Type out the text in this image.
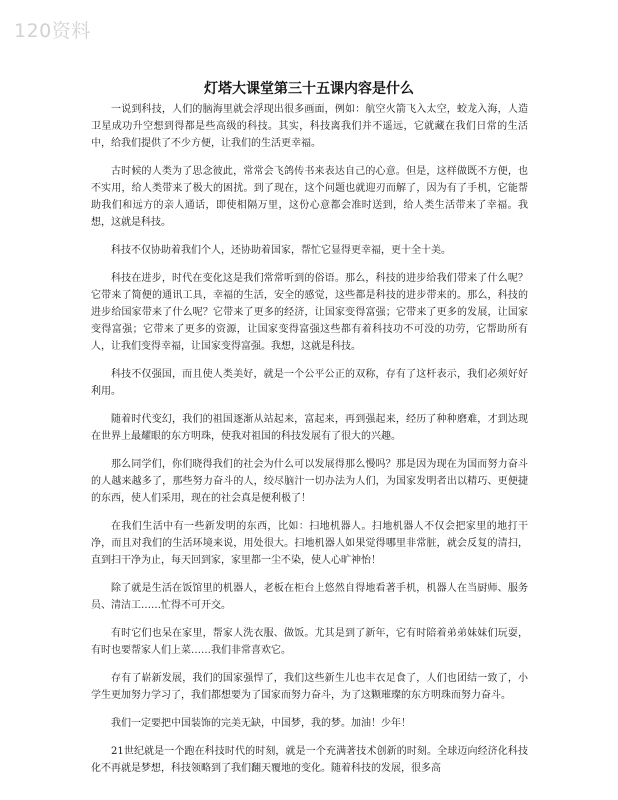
120资料
灯塔大课堂第三十五课内容是什么

一说到科技，人们的脑海里就会浮现出很多画面，例如：航空火箭飞入太空，蛟龙入海，人造卫星成功升空想到得都是些高级的科技。其实，科技离我们并不遥远，它就藏在我们日常的生活中，给我们提供了不少方便，让我们的生活更幸福。

古时候的人类为了思念彼此，常常会飞鸽传书来表达自己的心意。但是，这样做既不方便，也不实用，给人类带来了极大的困扰。到了现在，这个问题也就迎刃而解了，因为有了手机，它能帮助我们和远方的亲人通话，即使相隔万里，这份心意都会准时送到，给人类生活带来了幸福。我想，这就是科技。

科技不仅协助着我们个人，还协助着国家，帮忙它显得更幸福，更十全十美。

科技在进步，时代在变化这是我们常常听到的俗语。那么，科技的进步给我们带来了什么呢？它带来了简便的通讯工具，幸福的生活，安全的感觉，这些都是科技的进步带来的。那么，科技的进步给国家带来了什么呢？它带来了更多的经济，让国家变得富强；它带来了更多的发展，让国家变得富强；它带来了更多的资源，让国家变得富强这些都有着科技功不可没的功劳，它帮助所有人，让我们变得幸福，让国家变得富强。我想，这就是科技。

科技不仅强国，而且使人类美好，就是一个公平公正的双称，存有了这杆表示，我们必须好好利用。

随着时代变幻，我们的祖国逐渐从站起来，富起来，再到强起来，经历了种种磨难，才到达现在世界上最耀眼的东方明珠，使我对祖国的科技发展有了很大的兴趣。

那么同学们，你们晓得我们的社会为什么可以发展得那么慢吗？那是因为现在为国而努力奋斗的人越来越多了，那些努力奋斗的人，绞尽脑汁一切办法为人们，为国家发明者出以精巧、更便捷的东西，使人们采用，现在的社会真是便利极了！

在我们生活中有一些新发明的东西，比如：扫地机器人。扫地机器人不仅会把家里的地打干净，而且对我们的生活环境来说，用处很大。扫地机器人如果觉得哪里非常脏，就会反复的清扫，直到扫干净为止，每天回到家，家里都一尘不染，使人心旷神怡！

除了就是生活在饭馆里的机器人，老板在柜台上悠然自得地看著手机，机器人在当厨师、服务员、清洁工……忙得不可开交。

有时它们也呆在家里，帮家人洗衣服、做饭。尤其是到了新年，它有时陪着弟弟妹妹们玩耍，有时也要帮家人们上菜……我们非常喜欢它。

存有了崭新发展，我们的国家强悍了，我们这些新生儿也丰衣足食了，人们也团结一致了，小学生更加努力学习了，我们都想要为了国家而努力奋斗，为了这颗璀璨的东方明珠而努力奋斗。

我们一定要把中国装饰的完美无缺，中国梦，我的梦。加油！少年！

21世纪就是一个跑在科技时代的时刻，就是一个充满著技术创新的时刻。全球迈向经济化科技化不再就是梦想，科技领略到了我们翻天覆地的变化。随着科技的发展，很多高
